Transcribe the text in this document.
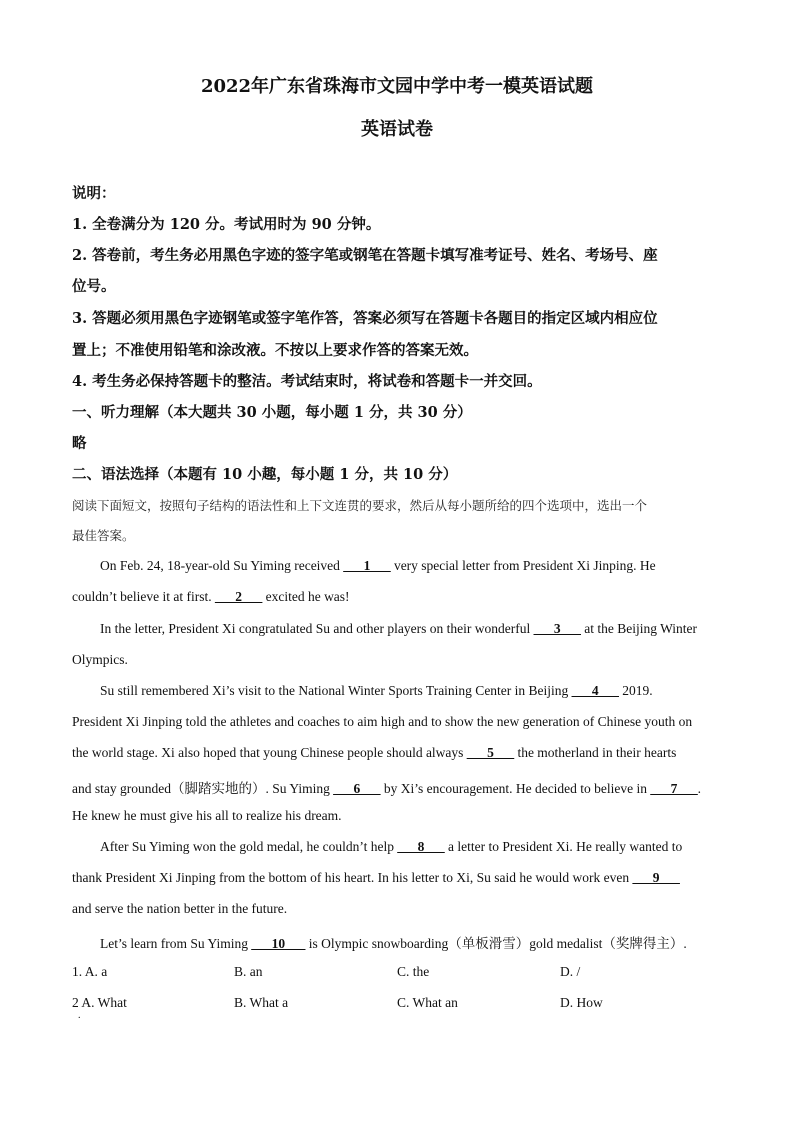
2022年广东省珠海市文园中学中考一模英语试题
英语试卷
说明：
1. 全卷满分为 120 分。考试用时为 90 分钟。
2. 答卷前，考生务必用黑色字迹的签字笔或钢笔在答题卡填写准考证号、姓名、考场号、座
位号。
3. 答题必须用黑色字迹钢笔或签字笔作答，答案必须写在答题卡各题目的指定区域内相应位
置上；不准使用铅笔和涂改液。不按以上要求作答的答案无效。
4. 考生务必保持答题卡的整洁。考试结束时，将试卷和答题卡一并交回。
一、听力理解（本大题共 30 小题，每小题 1 分，共 30 分）
略
二、语法选择（本题有 10 小趣，每小题 1 分，共 10 分）
阅读下面短文，按照句子结构的语法性和上下文连贯的要求，然后从每小题所给的四个选项中，选出一个
最佳答案。
On Feb. 24, 18-year-old Su Yiming received ___1___ very special letter from President Xi Jinping. He
couldn’t believe it at first. ___2___ excited he was!
In the letter, President Xi congratulated Su and other players on their wonderful ___3___ at the Beijing Winter
Olympics.
Su still remembered Xi’s visit to the National Winter Sports Training Center in Beijing ___4___ 2019.
President Xi Jinping told the athletes and coaches to aim high and to show the new generation of Chinese youth on
the world stage. Xi also hoped that young Chinese people should always ___5___ the motherland in their hearts
and stay grounded（脚踏实地的）. Su Yiming ___6___ by Xi’s encouragement. He decided to believe in ___7___.
He knew he must give his all to realize his dream.
After Su Yiming won the gold medal, he couldn’t help ___8___ a letter to President Xi. He really wanted to
thank President Xi Jinping from the bottom of his heart. In his letter to Xi, Su said he would work even ___9___
and serve the nation better in the future.
Let’s learn from Su Yiming ___10___ is Olympic snowboarding（单板滑雪）gold medalist（奖牌得主）.
1. A. a	B. an	C. the	D. /
2 A. What	B. What a	C. What an	D. How
.
